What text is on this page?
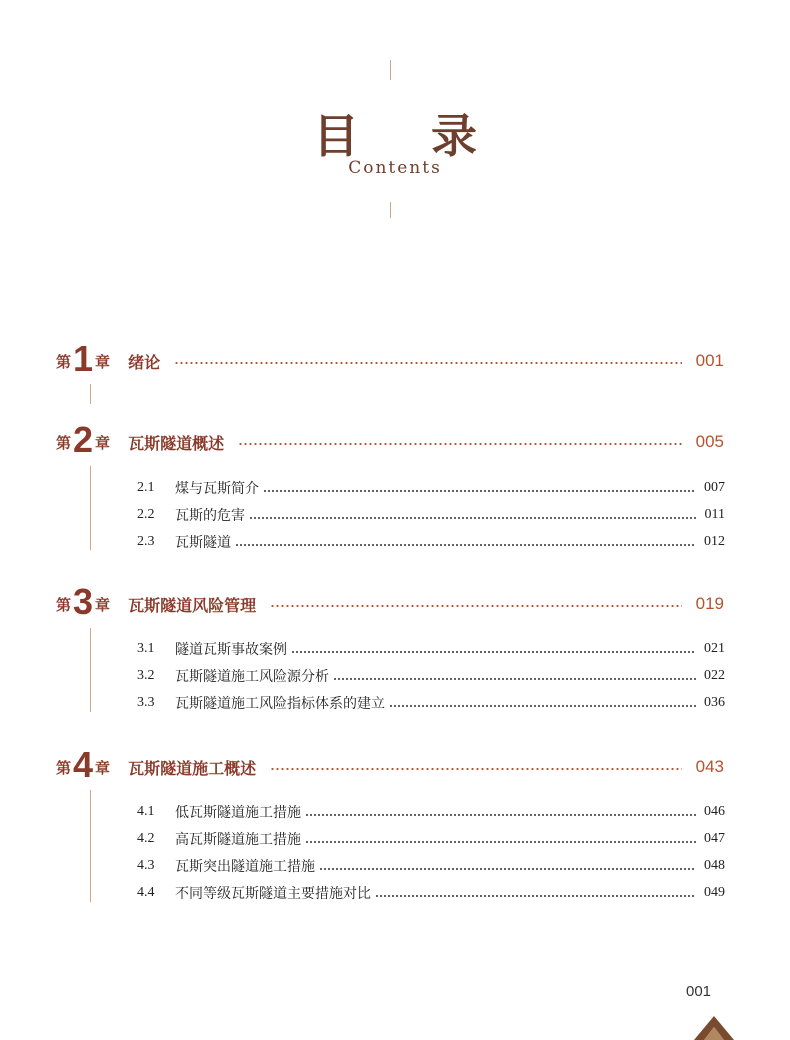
目 录
Contents
第 1 章 绪论	001
第 2 章 瓦斯隧道概述	005
2.1	煤与瓦斯简介	007
2.2	瓦斯的危害	011
2.3	瓦斯隧道	012
第 3 章 瓦斯隧道风险管理	019
3.1	隧道瓦斯事故案例	021
3.2	瓦斯隧道施工风险源分析	022
3.3	瓦斯隧道施工风险指标体系的建立	036
第 4 章 瓦斯隧道施工概述	043
4.1	低瓦斯隧道施工措施	046
4.2	高瓦斯隧道施工措施	047
4.3	瓦斯突出隧道施工措施	048
4.4	不同等级瓦斯隧道主要措施对比	049
001
